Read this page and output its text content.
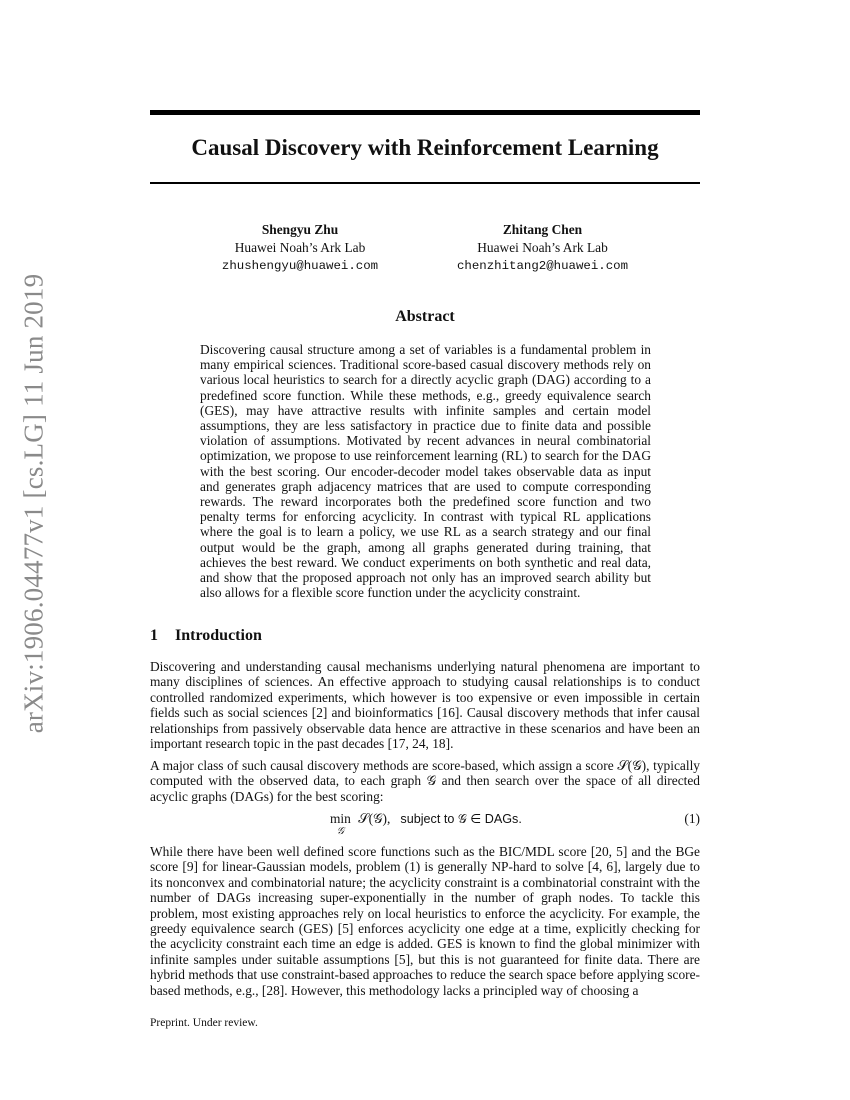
arXiv:1906.04477v1 [cs.LG] 11 Jun 2019
Causal Discovery with Reinforcement Learning
Shengyu Zhu
Huawei Noah’s Ark Lab
zhushengyu@huawei.com
Zhitang Chen
Huawei Noah’s Ark Lab
chenzhitang2@huawei.com
Abstract

Discovering causal structure among a set of variables is a fundamental problem in many empirical sciences. Traditional score-based casual discovery methods rely on various local heuristics to search for a directly acyclic graph (DAG) according to a predefined score function. While these methods, e.g., greedy equivalence search (GES), may have attractive results with infinite samples and certain model assumptions, they are less satisfactory in practice due to finite data and possible violation of assumptions. Motivated by recent advances in neural combinatorial optimization, we propose to use reinforcement learning (RL) to search for the DAG with the best scoring. Our encoder-decoder model takes observable data as input and generates graph adjacency matrices that are used to compute corresponding rewards. The reward incorporates both the predefined score function and two penalty terms for enforcing acyclicity. In contrast with typical RL applications where the goal is to learn a policy, we use RL as a search strategy and our final output would be the graph, among all graphs generated during training, that achieves the best reward. We conduct experiments on both synthetic and real data, and show that the proposed approach not only has an improved search ability but also allows for a flexible score function under the acyclicity constraint.

1 Introduction

Discovering and understanding causal mechanisms underlying natural phenomena are important to many disciplines of sciences. An effective approach to studying causal relationships is to conduct controlled randomized experiments, which however is too expensive or even impossible in certain fields such as social sciences [2] and bioinformatics [16]. Causal discovery methods that infer causal relationships from passively observable data hence are attractive in these scenarios and have been an important research topic in the past decades [17, 24, 18].

A major class of such causal discovery methods are score-based, which assign a score 𝒮(𝒢), typically computed with the observed data, to each graph 𝒢 and then search over the space of all directed acyclic graphs (DAGs) for the best scoring:

min
𝒢
𝒮(𝒢), subject to 𝒢 ∈ DAGs.	(1)

While there have been well defined score functions such as the BIC/MDL score [20, 5] and the BGe score [9] for linear-Gaussian models, problem (1) is generally NP-hard to solve [4, 6], largely due to its nonconvex and combinatorial nature; the acyclicity constraint is a combinatorial constraint with the number of DAGs increasing super-exponentially in the number of graph nodes. To tackle this problem, most existing approaches rely on local heuristics to enforce the acyclicity. For example, the greedy equivalence search (GES) [5] enforces acyclicity one edge at a time, explicitly checking for the acyclicity constraint each time an edge is added. GES is known to find the global minimizer with infinite samples under suitable assumptions [5], but this is not guaranteed for finite data. There are hybrid methods that use constraint-based approaches to reduce the search space before applying score-based methods, e.g., [28]. However, this methodology lacks a principled way of choosing a

Preprint. Under review.
